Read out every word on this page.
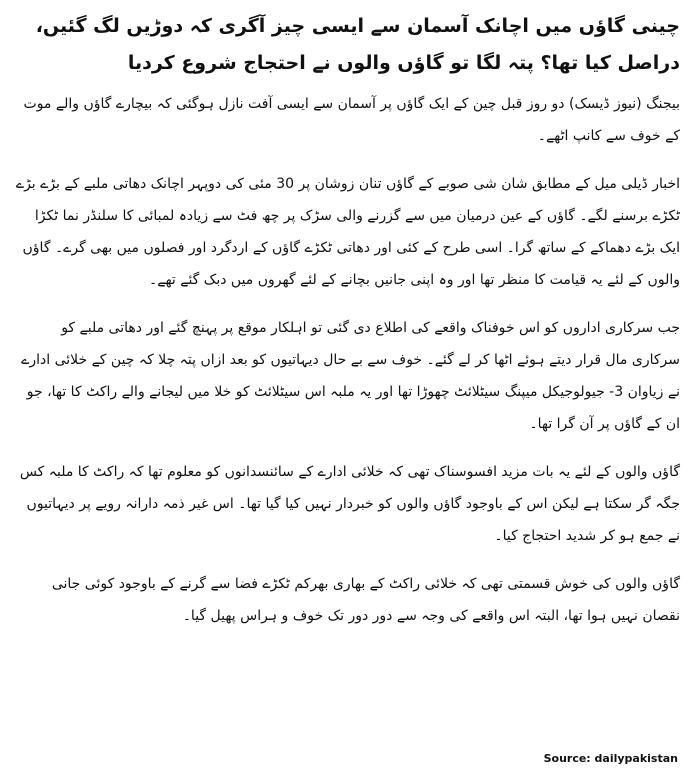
چینی گاؤں میں اچانک آسمان سے ایسی چیز آگری کہ دوڑیں لگ گئیں، دراصل کیا تھا؟ پتہ لگا تو گاؤں والوں نے احتجاج شروع کردیا
بیجنگ (نیوز ڈیسک) دو روز قبل چین کے ایک گاؤں پر آسمان سے ایسی آفت نازل ہوگئی کہ بیچارے گاؤں والے موت کے خوف سے کانپ اٹھے۔
اخبار ڈیلی میل کے مطابق شان شی صوبے کے گاؤں تنان زوشان پر 30 مئی کی دوپہر اچانک دھاتی ملبے کے بڑے بڑے ٹکڑے برسنے لگے۔ گاؤں کے عین درمیان میں سے گزرنے والی سڑک پر چھ فٹ سے زیادہ لمبائی کا سلنڈر نما ٹکڑا ایک بڑے دھماکے کے ساتھ گرا۔ اسی طرح کے کئی اور دھاتی ٹکڑے گاؤں کے اردگرد اور فصلوں میں بھی گرے۔ گاؤں والوں کے لئے یہ قیامت کا منظر تھا اور وہ اپنی جانیں بچانے کے لئے گھروں میں دبک گئے تھے۔
جب سرکاری اداروں کو اس خوفناک واقعے کی اطلاع دی گئی تو اہلکار موقع پر پہنچ گئے اور دھاتی ملبے کو سرکاری مال قرار دیتے ہوئے اٹھا کر لے گئے۔ خوف سے بے حال دیہاتیوں کو بعد ازاں پتہ چلا کہ چین کے خلائی ادارے نے زیاوان 3- جیولوجیکل میپنگ سیٹلائٹ چھوڑا تھا اور یہ ملبہ اس سیٹلائٹ کو خلا میں لیجانے والے راکٹ کا تھا، جو ان کے گاؤں پر آن گرا تھا۔
گاؤں والوں کے لئے یہ بات مزید افسوسناک تھی کہ خلائی ادارے کے سائنسدانوں کو معلوم تھا کہ راکٹ کا ملبہ کس جگہ گر سکتا ہے لیکن اس کے باوجود گاؤں والوں کو خبردار نہیں کیا گیا تھا۔ اس غیر ذمہ دارانہ رویے پر دیہاتیوں نے جمع ہو کر شدید احتجاج کیا۔
گاؤں والوں کی خوش قسمتی تھی کہ خلائی راکٹ کے بھاری بھرکم ٹکڑے فضا سے گرنے کے باوجود کوئی جانی نقصان نہیں ہوا تھا، البتہ اس واقعے کی وجہ سے دور دور تک خوف و ہراس پھیل گیا۔
Source: dailypakistan
